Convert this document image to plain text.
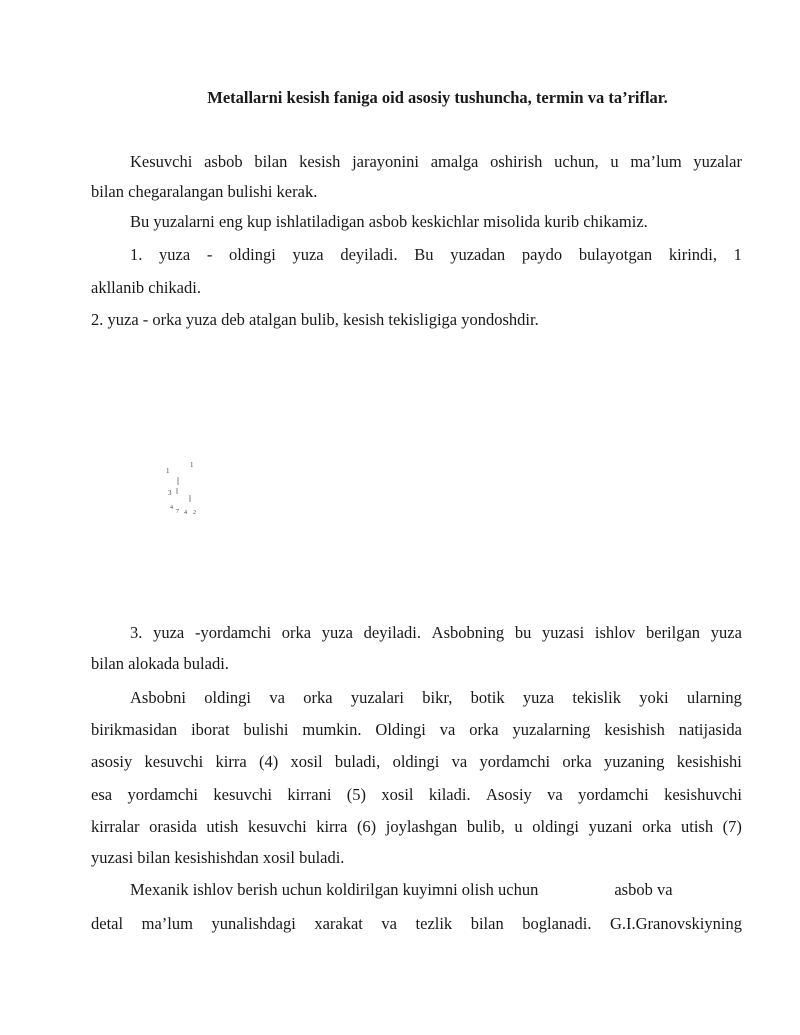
Metallarni kesish faniga oid asosiy tushuncha, termin va ta’riflar.
Kesuvchi asbob bilan kesish jarayonini amalga oshirish uchun, u ma’lum yuzalar
bilan chegaralangan bulishi kerak.
Bu yuzalarni eng kup ishlatiladigan asbob keskichlar misolida kurib chikamiz.
1. yuza - oldingi yuza deyiladi. Bu yuzadan paydo bulayotgan kirindi, 1
akllanib chikadi.
2. yuza - orka yuza deb atalgan bulib, kesish tekisligiga yondoshdir.
1
1
3
4
7 4 2
3. yuza -yordamchi orka yuza deyiladi. Asbobning bu yuzasi ishlov berilgan yuza
bilan alokada buladi.
Asbobni oldingi va orka yuzalari bikr, botik yuza tekislik yoki ularning
birikmasidan iborat bulishi mumkin. Oldingi va orka yuzalarning kesishish natijasida
asosiy kesuvchi kirra (4) xosil buladi, oldingi va yordamchi orka yuzaning kesishishi
esa yordamchi kesuvchi kirrani (5) xosil kiladi. Asosiy va yordamchi kesishuvchi
kirralar orasida utish kesuvchi kirra (6) joylashgan bulib, u oldingi yuzani orka utish (7)
yuzasi bilan kesishishdan xosil buladi.
Mexanik ishlov berish uchun koldirilgan kuyimni olish uchun	asbob va
detal ma’lum yunalishdagi xarakat va tezlik bilan boglanadi. G.I.Granovskiyning
